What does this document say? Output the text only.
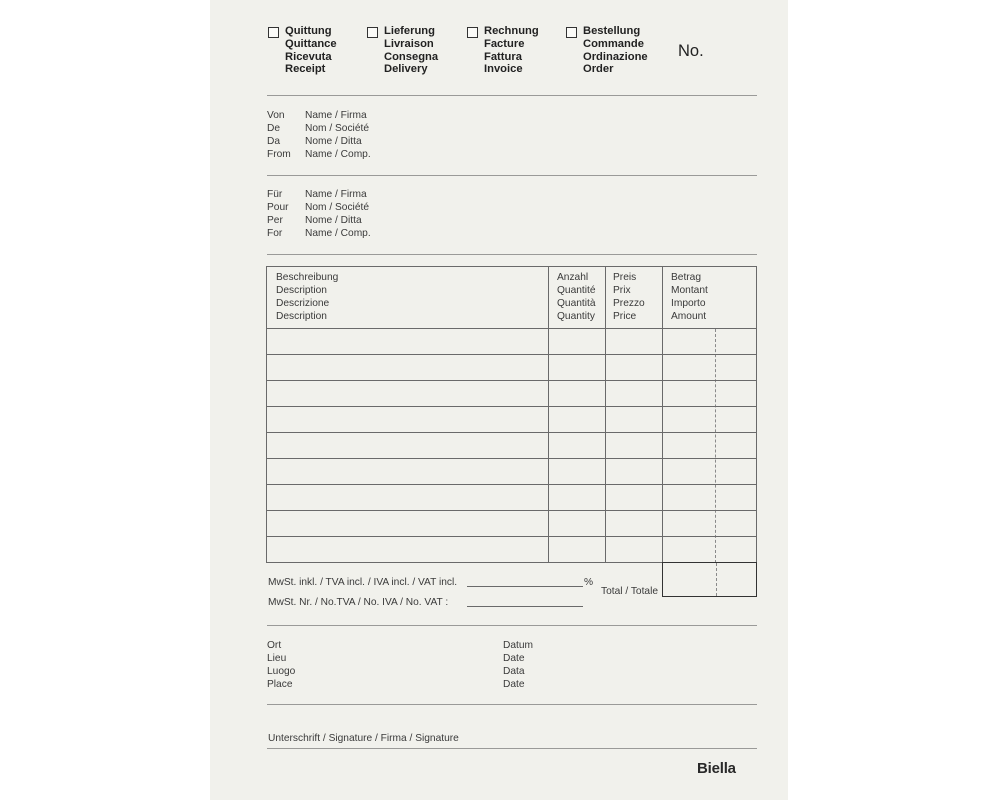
Quittung
Quittance
Ricevuta
Receipt
Lieferung
Livraison
Consegna
Delivery
Rechnung
Facture
Fattura
Invoice
Bestellung
Commande
Ordinazione
Order
No.
Von
De
Da
From
Name / Firma
Nom / Société
Nome / Ditta
Name / Comp.
Für
Pour
Per
For
Name / Firma
Nom / Société
Nome / Ditta
Name / Comp.
Beschreibung
Description
Descrizione
Description
Anzahl
Quantité
Quantità
Quantity
Preis
Prix
Prezzo
Price
Betrag
Montant
Importo
Amount
MwSt. inkl. / TVA incl. / IVA incl. / VAT incl.	%
MwSt. Nr. / No.TVA / No. IVA / No. VAT :
Total / Totale
Ort
Lieu
Luogo
Place
Datum
Date
Data
Date
Unterschrift / Signature / Firma / Signature
Biella
